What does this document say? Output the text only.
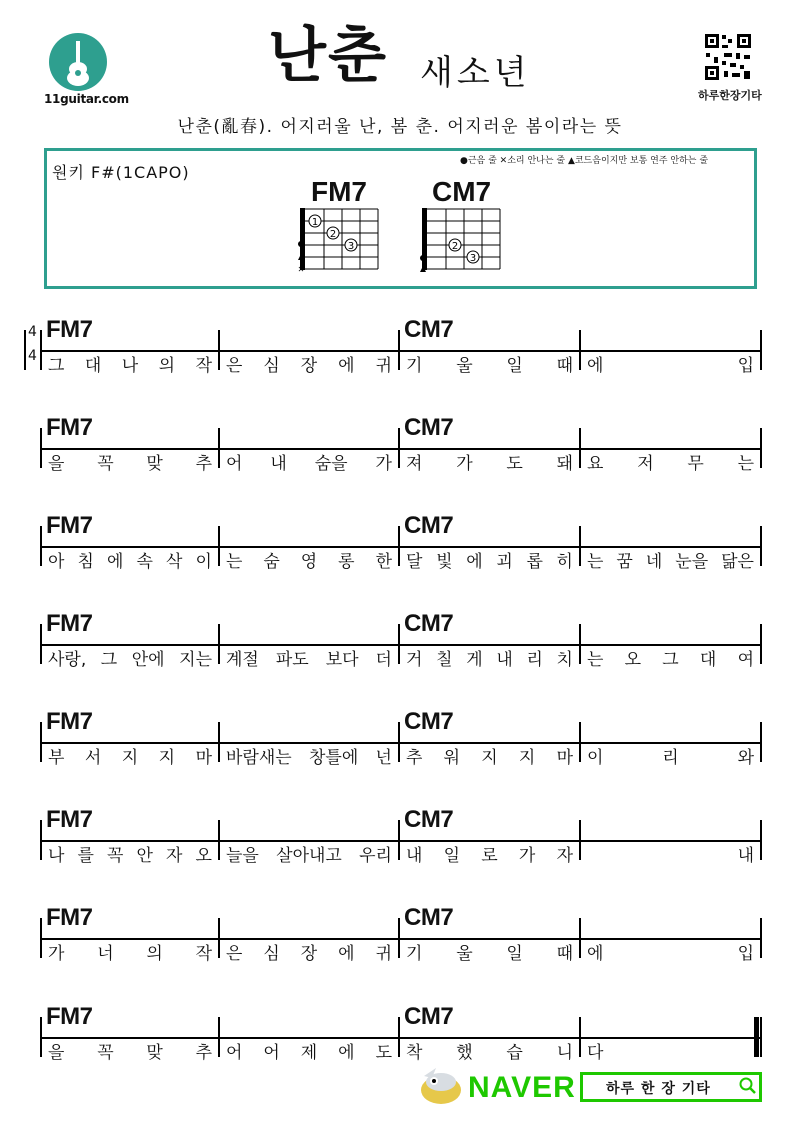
11guitar.com
난춘 새소년
하루한장기타
난춘(亂春). 어지러울 난, 봄 춘. 어지러운 봄이라는 뜻
원키 F#(1CAPO)
●근음 줄 ✕소리 안나는 줄 ▲코드음이지만 보통 연주 안하는 줄
FM7
1
2
3
✕
CM7
2
3
FM7
그 대 나 의 작 은 심 장 에 귀
CM7
기 울 일 때 에	입
4
4
FM7
을 꼭 맞 추 어 내 숨을 가
CM7
져 가 도 돼 요 저 무 는
FM7
아 침 에 속 삭 이 는 숨 영 롱 한
CM7
달 빛 에 괴 롭 히 는 꿈 네 눈을 닮은
FM7
사랑, 그 안에 지는 계절 파도 보다 더
CM7
거 칠 게 내 리 치 는 오 그 대 여
FM7
부 서 지 지 마 바람새는 창틀에 넌
CM7
추 워 지 지 마 이	리	와
FM7
나 를 꼭 안 자 오 늘을 살아내고 우리
CM7
내 일 로 가 자	내
FM7
가 너 의 작 은 심 장 에 귀
CM7
기 울 일 때 에	입
FM7
을 꼭 맞 추 어 어 제 에 도
CM7
착 했 습 니 다
NAVER 하루 한 장 기타
